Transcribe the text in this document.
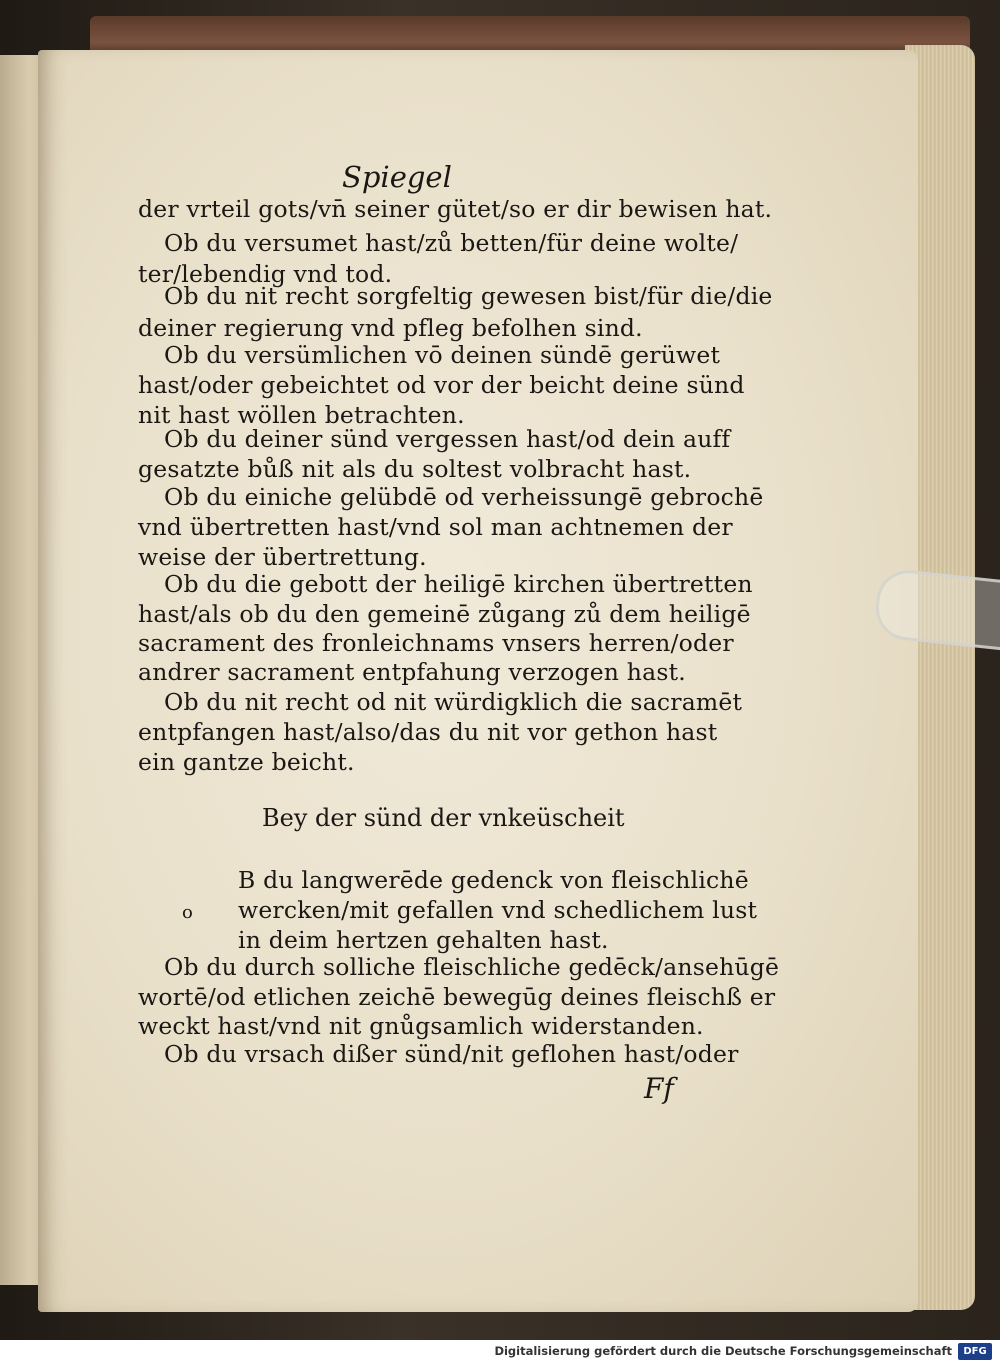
Spiegel
der vrteil gots/vn̄ seiner gütet/so er dir bewisen hat.
Ob du versumet hast/zů betten/für deine wolte/
ter/lebendig vnd tod.
Ob du nit recht sorgfeltig gewesen bist/für die/die
deiner regierung vnd pfleg befolhen sind.
Ob du versümlichen vō deinen sündē gerüwet
hast/oder gebeichtet od vor der beicht deine sünd
nit hast wöllen betrachten.
Ob du deiner sünd vergessen hast/od dein auff
gesatzte bůß nit als du soltest volbracht hast.
Ob du einiche gelübdē od verheissungē gebrochē
vnd übertretten hast/vnd sol man achtnemen der
weise der übertrettung.
Ob du die gebott der heiligē kirchen übertretten
hast/als ob du den gemeinē zůgang zů dem heiligē
sacrament des fronleichnams vnsers herren/oder
andrer sacrament entpfahung verzogen hast.
Ob du nit recht od nit würdigklich die sacramēt
entpfangen hast/also/das du nit vor gethon hast
ein gantze beicht.
Bey der sünd der vnkeüscheit
o
B du langwerēde gedenck von fleischlichē
wercken/mit gefallen vnd schedlichem lust
in deim hertzen gehalten hast.
Ob du durch solliche fleischliche gedēck/ansehūgē
wortē/od etlichen zeichē bewegūg deines fleischß er
weckt hast/vnd nit gnůgsamlich widerstanden.
Ob du vrsach dißer sünd/nit geflohen hast/oder
Ff
Digitalisierung gefördert durch die Deutsche Forschungsgemeinschaft	DFG
